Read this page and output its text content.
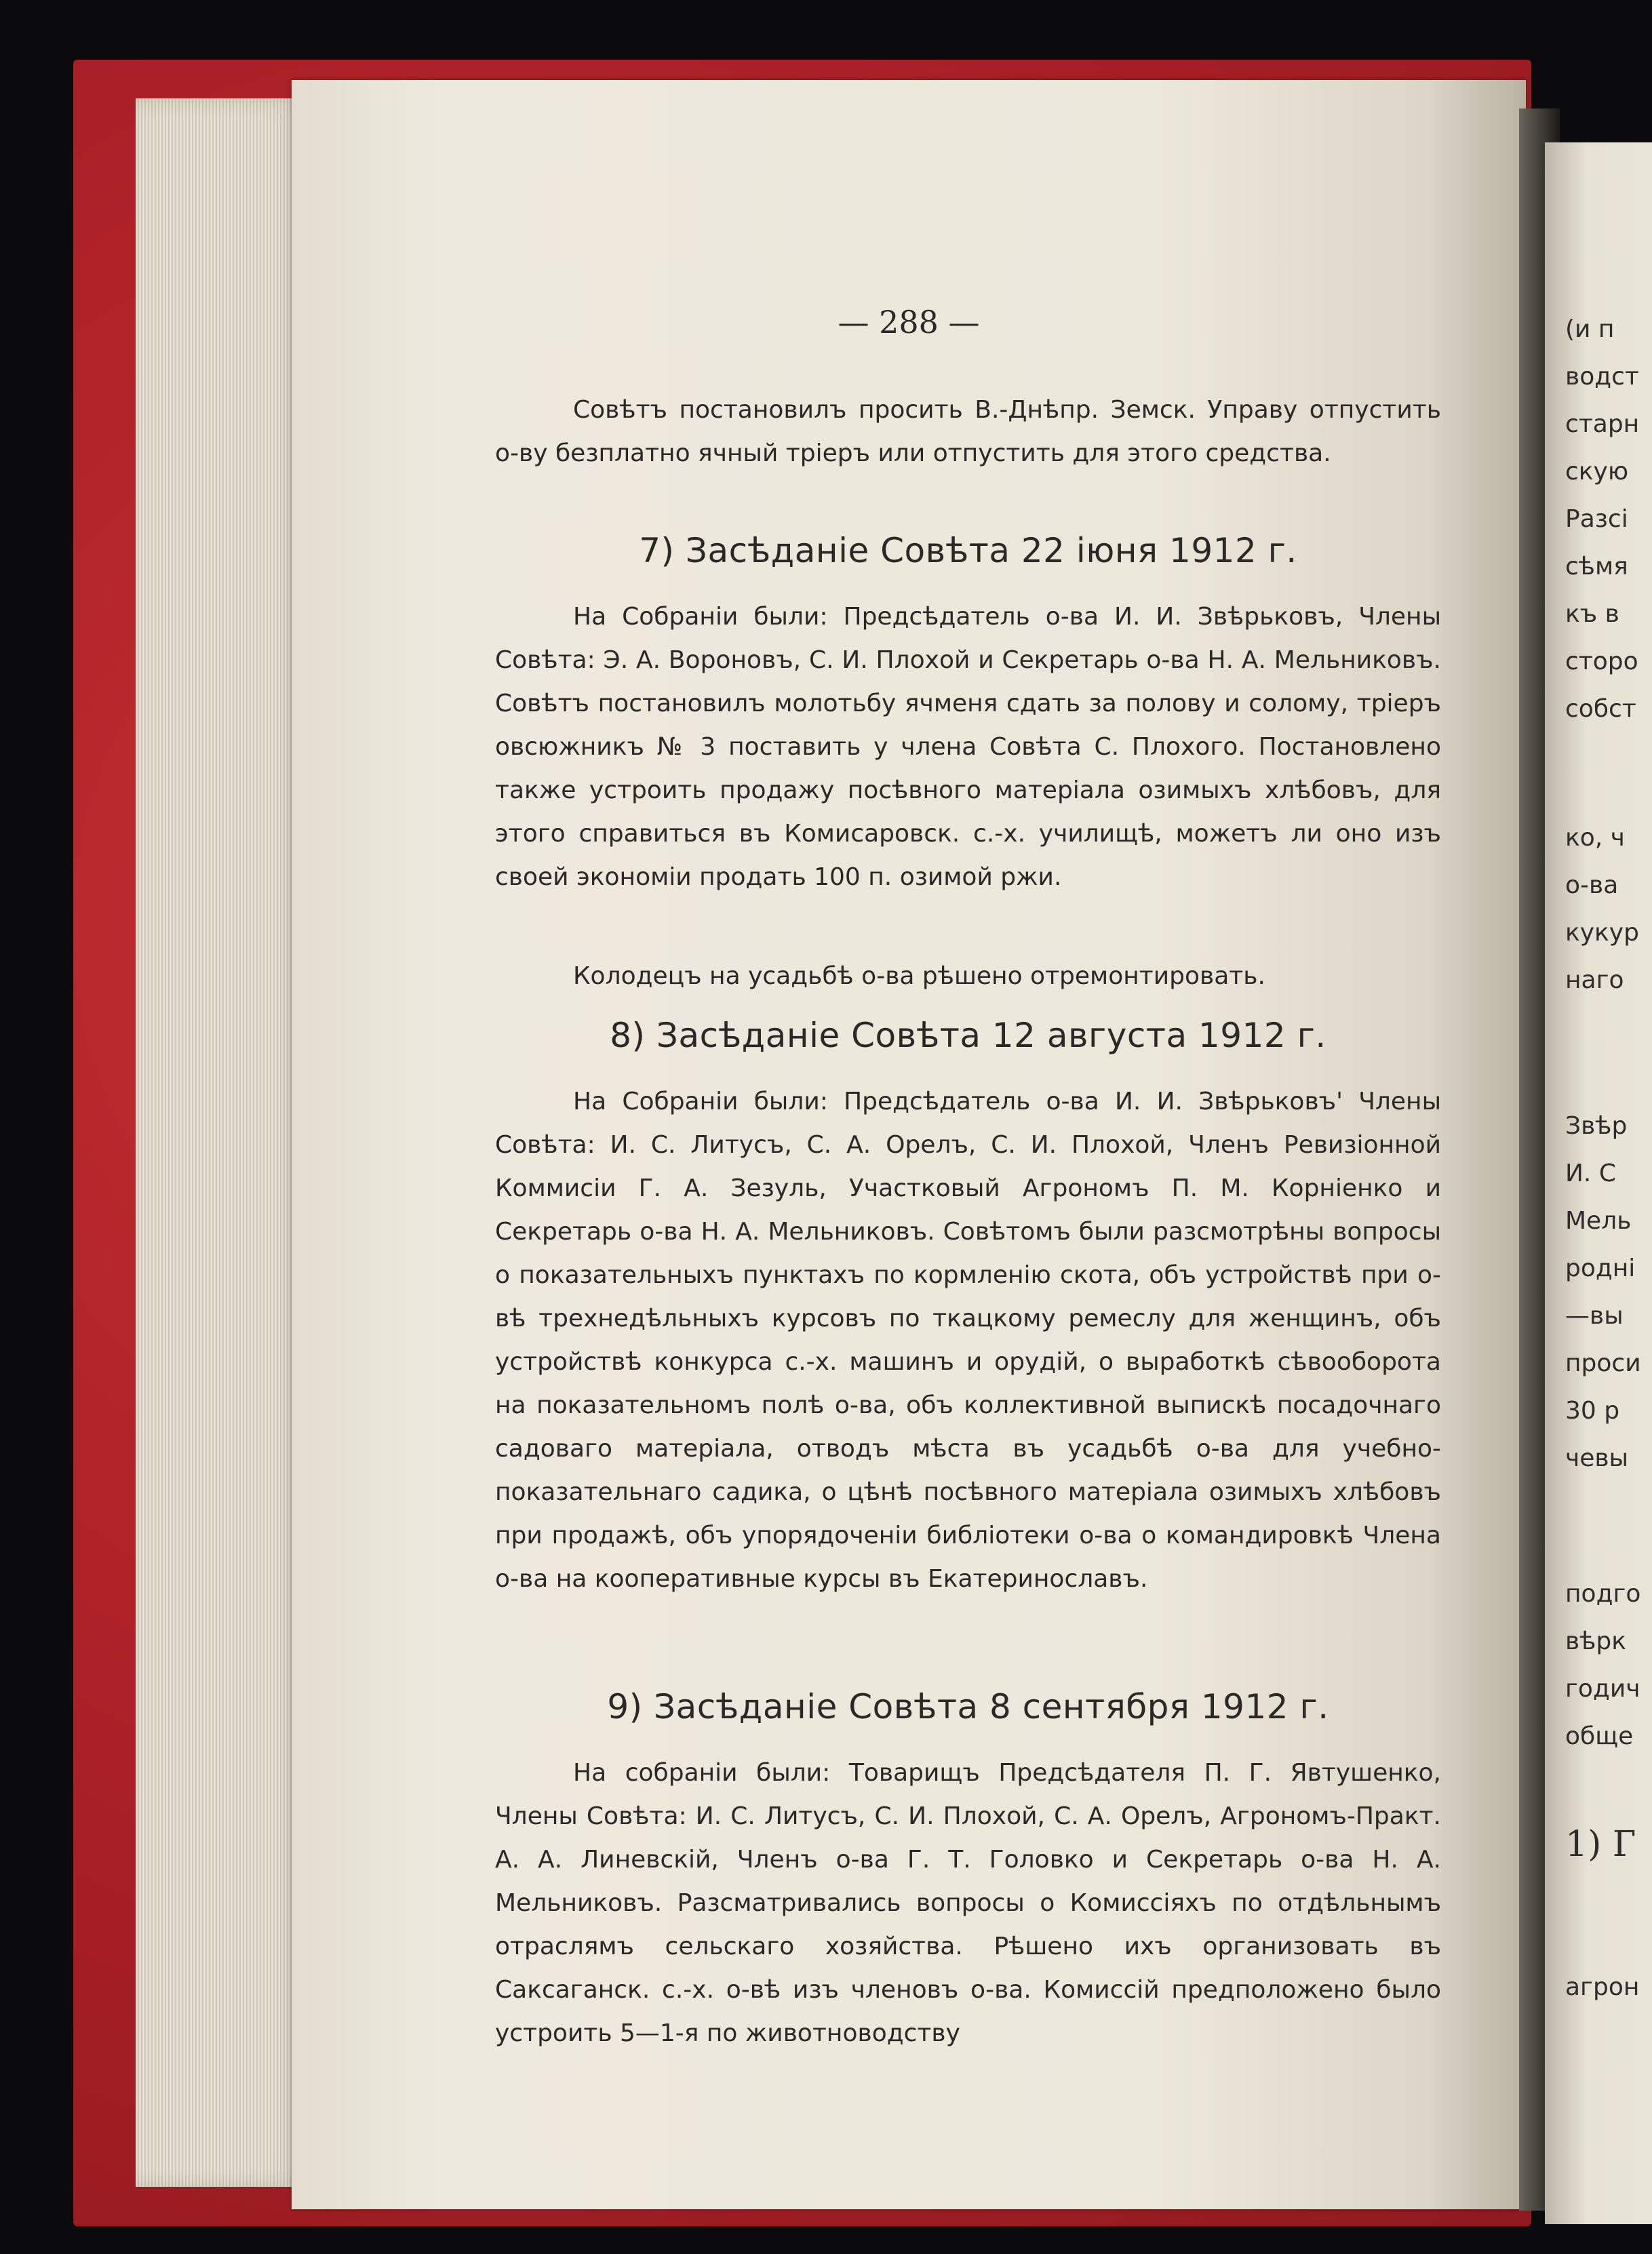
— 288 —

Совѣтъ постановилъ просить В.-Днѣпр. Земск. Управу отпустить о-ву безплатно ячный тріеръ или отпустить для этого средства.

7) Засѣданіе Совѣта 22 іюня 1912 г.

На Собраніи были: Предсѣдатель о-ва И. И. Звѣрьковъ, Члены Совѣта: Э. А. Вороновъ, С. И. Плохой и Секретарь о-ва Н. А. Мельниковъ. Совѣтъ постановилъ молотьбу ячменя сдать за полову и солому, тріеръ овсюжникъ № 3 поставить у члена Совѣта С. Плохого. Постановлено также устроить продажу посѣвного матеріала озимыхъ хлѣбовъ, для этого справиться въ Комисаровск. с.-х. училищѣ, можетъ ли оно изъ своей экономіи продать 100 п. озимой ржи.

Колодецъ на усадьбѣ о-ва рѣшено отремонтировать.

8) Засѣданіе Совѣта 12 августа 1912 г.

На Собраніи были: Предсѣдатель о-ва И. И. Звѣрьковъ' Члены Совѣта: И. С. Литусъ, С. А. Орелъ, С. И. Плохой, Членъ Ревизіонной Коммисіи Г. А. Зезуль, Участковый Агрономъ П. М. Корніенко и Секретарь о-ва Н. А. Мельниковъ. Совѣтомъ были разсмотрѣны вопросы о показательныхъ пунктахъ по кормленію скота, объ устройствѣ при о-вѣ трехнедѣльныхъ курсовъ по ткацкому ремеслу для женщинъ, объ устройствѣ конкурса с.-х. машинъ и орудій, о выработкѣ сѣвооборота на показательномъ полѣ о-ва, объ коллективной выпискѣ посадочнаго садоваго матеріала, отводъ мѣста въ усадьбѣ о-ва для учебно-показательнаго садика, о цѣнѣ посѣвного матеріала озимыхъ хлѣбовъ при продажѣ, объ упорядоченіи библіотеки о-ва о командировкѣ Члена о-ва на кооперативные курсы въ Екатеринославъ.

9) Засѣданіе Совѣта 8 сентября 1912 г.

На собраніи были: Товарищъ Предсѣдателя П. Г. Явтушенко, Члены Совѣта: И. С. Литусъ, С. И. Плохой, С. А. Орелъ, Агрономъ-Практ. А. А. Линевскій, Членъ о-ва Г. Т. Головко и Секретарь о-ва Н. А. Мельниковъ. Разсматривались вопросы о Комиссіяхъ по отдѣльнымъ отраслямъ сельскаго хозяйства. Рѣшено ихъ организовать въ Саксаганск. с.-х. о-вѣ изъ членовъ о-ва. Комиссій предположено было устроить 5—1-я по животноводству

(и п
водст
старн
скую
Разсі
сѣмя
къ в
сторо
собст
ко, ч
о-ва
кукур
наго
Звѣр
И. С
Мель
родні
—вы
проси
30 р
чевы
подго
вѣрк
годич
обще
1) Г
агрон
